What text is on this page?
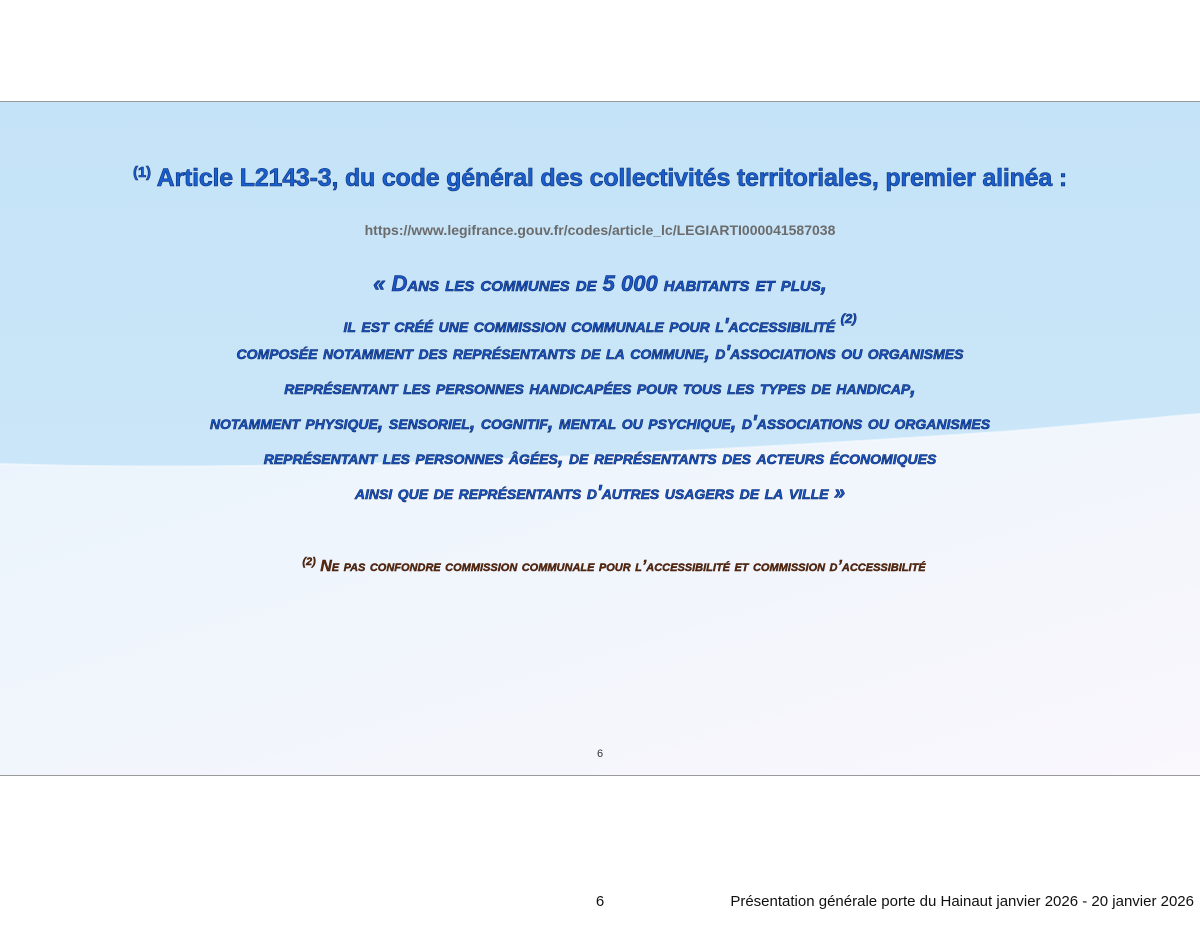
$^{(1)}$ Article L2143-3, du code général des collectivités territoriales, premier alinéa :
https://www.legifrance.gouv.fr/codes/article_lc/LEGIARTI000041587038
« Dans les communes de 5 000 habitants et plus,
il est créé une commission communale pour l'accessibilité $^{(2)}$
composée notamment des représentants de la commune, d'associations ou organismes
représentant les personnes handicapées pour tous les types de handicap,
notamment physique, sensoriel, cognitif, mental ou psychique, d'associations ou organismes
représentant les personnes âgées, de représentants des acteurs économiques
ainsi que de représentants d'autres usagers de la ville »
$^{(2)}$ Ne pas confondre commission communale pour l’accessibilité et commission d’accessibilité
6
6	Présentation générale porte du Hainaut janvier 2026 - 20 janvier 2026
